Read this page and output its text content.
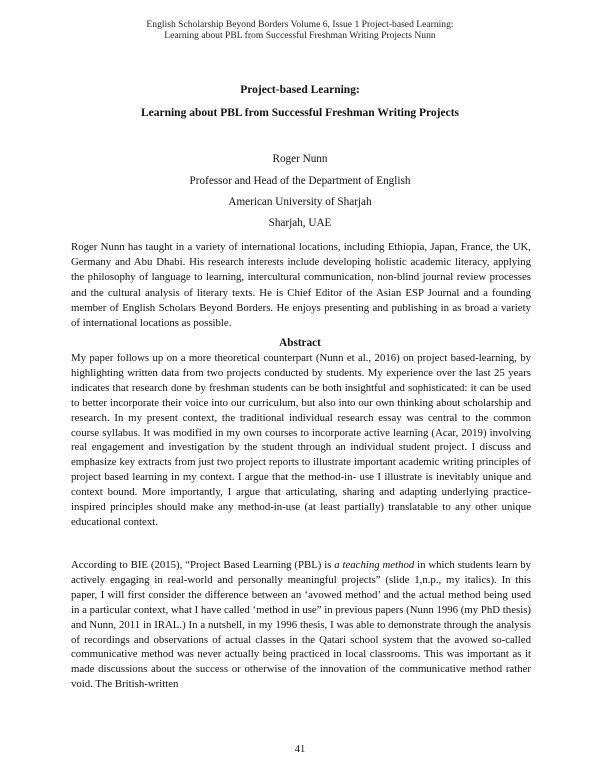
English Scholarship Beyond Borders Volume 6, Issue 1 Project-based Learning:
Learning about PBL from Successful Freshman Writing Projects Nunn
Project-based Learning:
Learning about PBL from Successful Freshman Writing Projects
Roger Nunn
Professor and Head of the Department of English
American University of Sharjah
Sharjah, UAE

Roger Nunn has taught in a variety of international locations, including Ethiopia, Japan, France, the UK, Germany and Abu Dhabi. His research interests include developing holistic academic literacy, applying the philosophy of language to learning, intercultural communication, non-blind journal review processes and the cultural analysis of literary texts. He is Chief Editor of the Asian ESP Journal and a founding member of English Scholars Beyond Borders. He enjoys presenting and publishing in as broad a variety of international locations as possible.

Abstract

My paper follows up on a more theoretical counterpart (Nunn et al., 2016) on project based-learning, by highlighting written data from two projects conducted by students. My experience over the last 25 years indicates that research done by freshman students can be both insightful and sophisticated: it can be used to better incorporate their voice into our curriculum, but also into our own thinking about scholarship and research. In my present context, the traditional individual research essay was central to the common course syllabus. It was modified in my own courses to incorporate active learning (Acar, 2019) involving real engagement and investigation by the student through an individual student project. I discuss and emphasize key extracts from just two project reports to illustrate important academic writing principles of project based learning in my context. I argue that the method-in- use I illustrate is inevitably unique and context bound. More importantly, I argue that articulating, sharing and adapting underlying practice-inspired principles should make any method-in-use (at least partially) translatable to any other unique educational context.

According to BIE (2015), “Project Based Learning (PBL) is a teaching method in which students learn by actively engaging in real-world and personally meaningful projects” (slide 1,n.p., my italics). In this paper, I will first consider the difference between an ‘avowed method’ and the actual method being used in a particular context, what I have called ‘method in use” in previous papers (Nunn 1996 (my PhD thesis) and Nunn, 2011 in IRAL.) In a nutshell, in my 1996 thesis, I was able to demonstrate through the analysis of recordings and observations of actual classes in the Qatari school system that the avowed so-called communicative method was never actually being practiced in local classrooms. This was important as it made discussions about the success or otherwise of the innovation of the communicative method rather void. The British-written

41
